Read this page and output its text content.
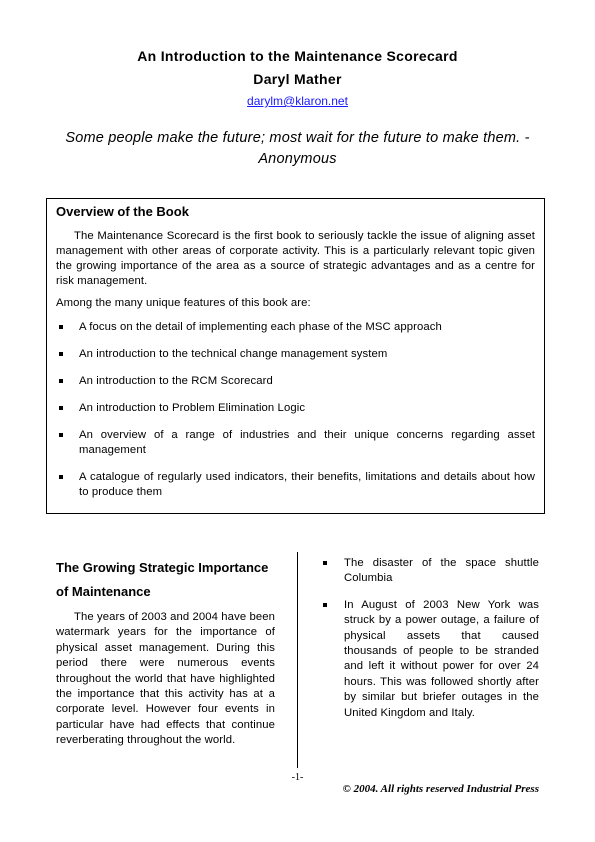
An Introduction to the Maintenance Scorecard
Daryl Mather
darylm@klaron.net
Some people make the future; most wait for the future to make them. - Anonymous
Overview of the Book

The Maintenance Scorecard is the first book to seriously tackle the issue of aligning asset management with other areas of corporate activity. This is a particularly relevant topic given the growing importance of the area as a source of strategic advantages and as a centre for risk management.

Among the many unique features of this book are:

A focus on the detail of implementing each phase of the MSC approach
An introduction to the technical change management system
An introduction to the RCM Scorecard
An introduction to Problem Elimination Logic
An overview of a range of industries and their unique concerns regarding asset management
A catalogue of regularly used indicators, their benefits, limitations and details about how to produce them
The Growing Strategic Importance of Maintenance

The years of 2003 and 2004 have been watermark years for the importance of physical asset management. During this period there were numerous events throughout the world that have highlighted the importance that this activity has at a corporate level. However four events in particular have had effects that continue reverberating throughout the world.

The disaster of the space shuttle Columbia
In August of 2003 New York was struck by a power outage, a failure of physical assets that caused thousands of people to be stranded and left it without power for over 24 hours. This was followed shortly after by similar but briefer outages in the United Kingdom and Italy.
-1-
© 2004. All rights reserved Industrial Press
